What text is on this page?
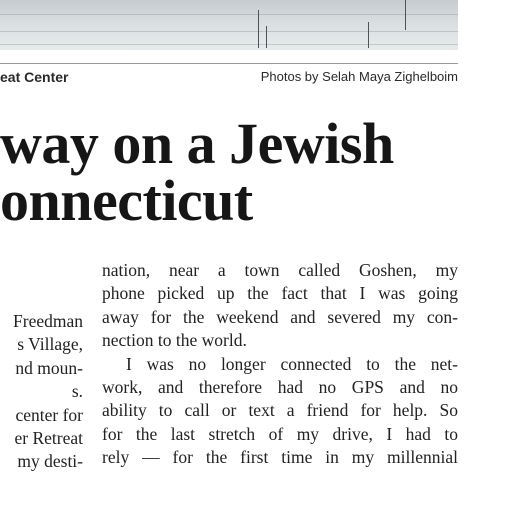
eat Center	Photos by Selah Maya Zighelboim
way on a Jewish
onnecticut
Freedman
s Village,
nd moun-
s.
center for
er Retreat
my desti-
nation, near a town called Goshen, my
phone picked up the fact that I was going
away for the weekend and severed my con-
nection to the world.
I was no longer connected to the net-
work, and therefore had no GPS and no
ability to call or text a friend for help. So
for the last stretch of my drive, I had to
rely — for the first time in my millennial
